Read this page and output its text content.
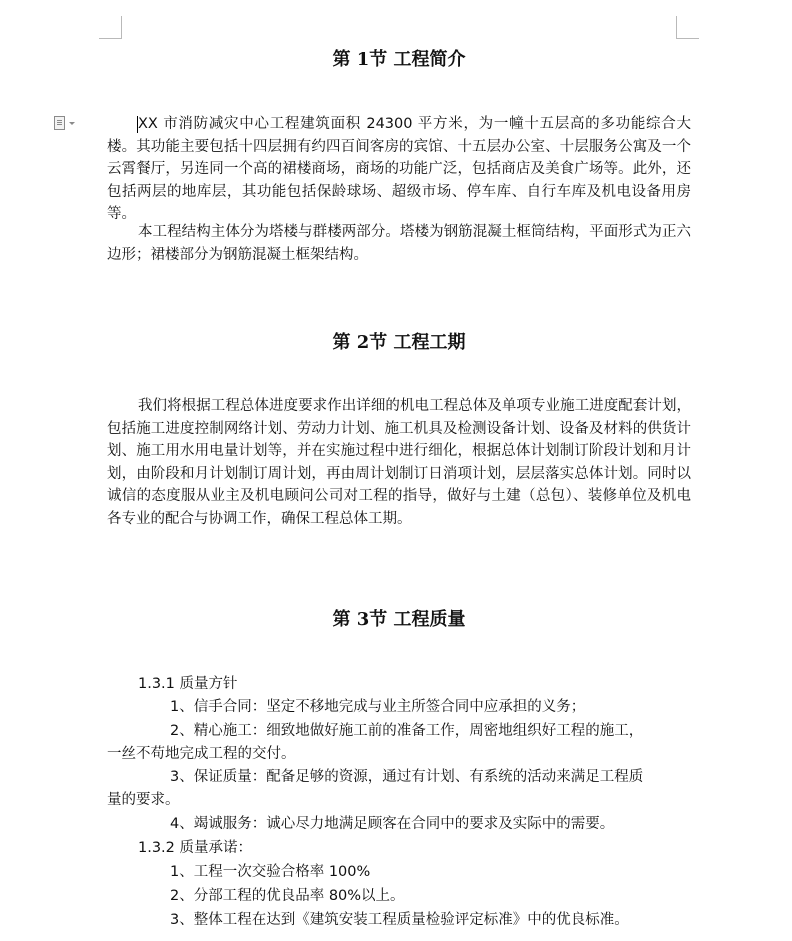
第 1节 工程简介

XX 市消防减灾中心工程建筑面积 24300 平方米，为一幢十五层高的多功能综合大楼。其功能主要包括十四层拥有约四百间客房的宾馆、十五层办公室、十层服务公寓及一个云霄餐厅，另连同一个高的裙楼商场，商场的功能广泛，包括商店及美食广场等。此外，还包括两层的地库层，其功能包括保龄球场、超级市场、停车库、自行车库及机电设备用房等。

本工程结构主体分为塔楼与群楼两部分。塔楼为钢筋混凝土框筒结构，平面形式为正六边形；裙楼部分为钢筋混凝土框架结构。

第 2节 工程工期

我们将根据工程总体进度要求作出详细的机电工程总体及单项专业施工进度配套计划，包括施工进度控制网络计划、劳动力计划、施工机具及检测设备计划、设备及材料的供货计划、施工用水用电量计划等，并在实施过程中进行细化，根据总体计划制订阶段计划和月计划，由阶段和月计划制订周计划，再由周计划制订日消项计划，层层落实总体计划。同时以诚信的态度服从业主及机电顾问公司对工程的指导，做好与土建（总包）、装修单位及机电各专业的配合与协调工作，确保工程总体工期。

第 3节 工程质量

1.3.1 质量方针

1、信手合同：坚定不移地完成与业主所签合同中应承担的义务；

2、精心施工：细致地做好施工前的准备工作，周密地组织好工程的施工，

一丝不苟地完成工程的交付。

3、保证质量：配备足够的资源，通过有计划、有系统的活动来满足工程质

量的要求。

4、竭诚服务：诚心尽力地满足顾客在合同中的要求及实际中的需要。

1.3.2 质量承诺：

1、工程一次交验合格率 100%

2、分部工程的优良品率 80%以上。

3、整体工程在达到《建筑安装工程质量检验评定标准》中的优良标准。
